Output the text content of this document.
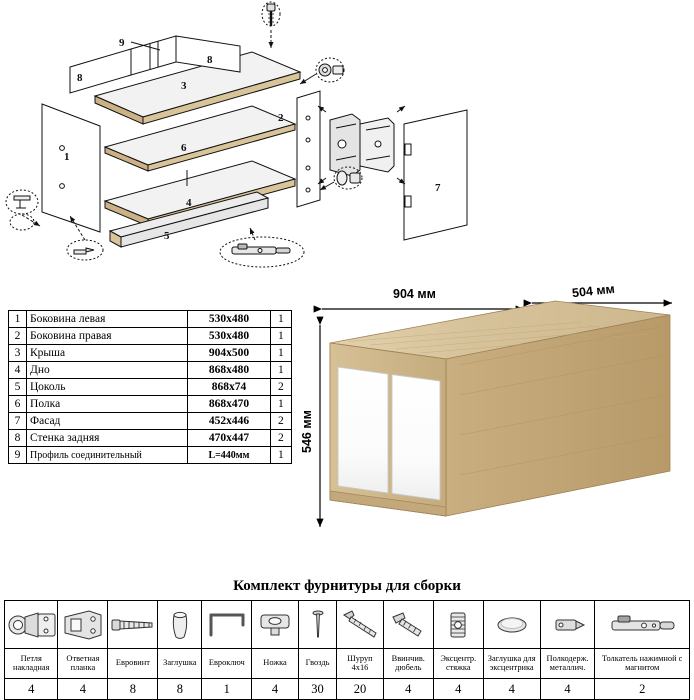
9
8
8
3
2
1
6
4
5
7
1	Боковина левая	530х480	1
2	Боковина правая	530х480	1
3	Крыша	904х500	1
4	Дно	868х480	1
5	Цоколь	868х74	2
6	Полка	868х470	1
7	Фасад	452х446	2
8	Стенка задняя	470х447	2
9	Профиль соединительный	L=440мм	1
904 мм	504 мм
546 мм
Комплект фурнитуры для сборки

Петля накладная	Ответная планка	Евровинт	Заглушка	Евроключ	Ножка	Гвоздь	Шуруп 4х16	Ввинчив. дюбель	Эксцентр. стяжка	Заглушка для эксцентрика	Полкодерж. металлич.	Толкатель нажимной с магнитом
4	4	8	8	1	4	30	20	4	4	4	4	2
